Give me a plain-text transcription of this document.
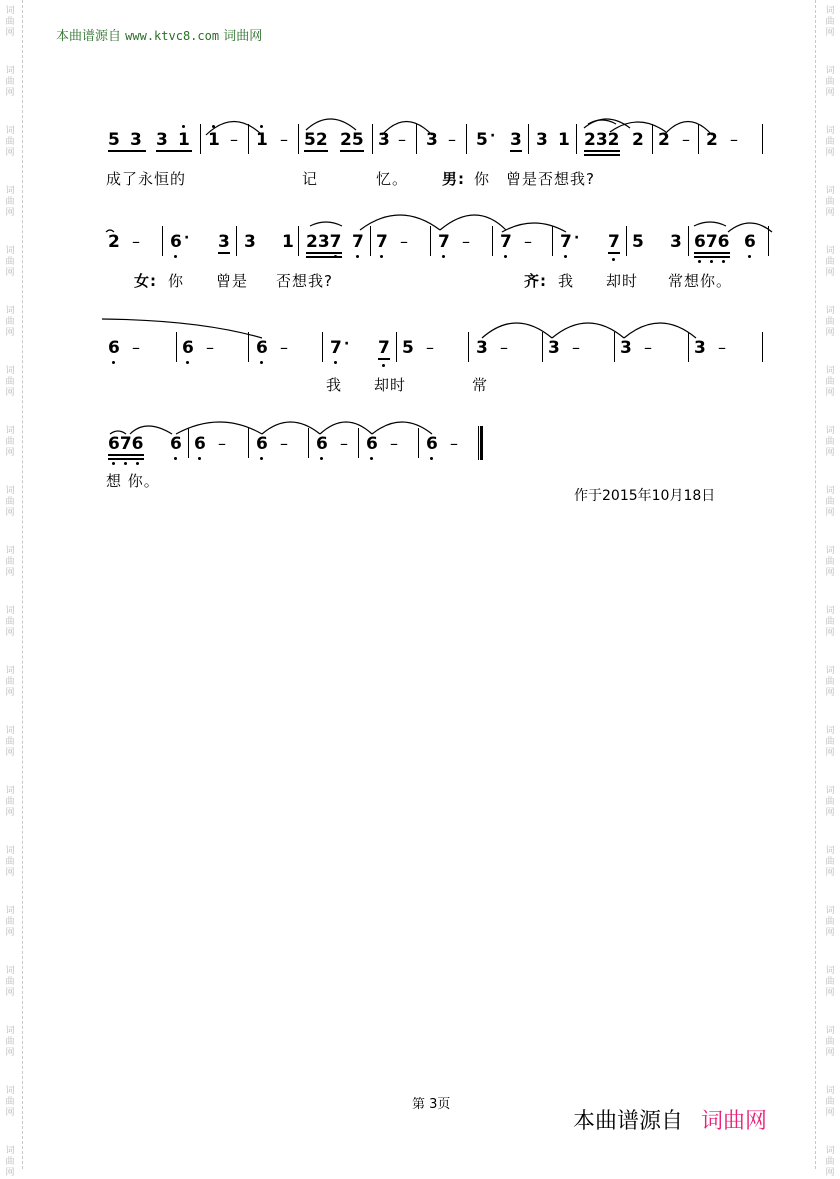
词
曲
网
词
曲
网
词
曲
网
词
曲
网
词
曲
网
词
曲
网
词
曲
网
词
曲
网
词
曲
网
词
曲
网
词
曲
网
词
曲
网
词
曲
网
词
曲
网
词
曲
网
词
曲
网
词
曲
网
词
曲
网
词
曲
网
词
曲
网
词
曲
网
词
曲
网
词
曲
网
词
曲
网
词
曲
网
词
曲
网
词
曲
网
词
曲
网
词
曲
网
词
曲
网
词
曲
网
词
曲
网
词
曲
网
词
曲
网
词
曲
网
词
曲
网
词
曲
网
词
曲
网
词
曲
网
词
曲
网
本曲谱源自 www.ktvc8.com 词曲网
5 3 3 1 1 – 1 – 52 25 3 – 3 – 5 · 3 3 1 232 2 2 – 2 –
成了永恒的	记	忆。 男: 你 曾是否想我?
2 – 6 · 3 3 1 237 7 7 – 7 – 7 – 7 · 7 5 3 676 6
女: 你 曾是 否想我?	齐: 我 却时 常想你。
6 – 6 – 6 – 7 · 7 5 – 3 – 3 – 3 – 3 –
我 却时	常
676 6 6 – 6 – 6 – 6 – 6 –
想 你。
作于2015年10月18日
第 3页
本曲谱源自 词曲网
